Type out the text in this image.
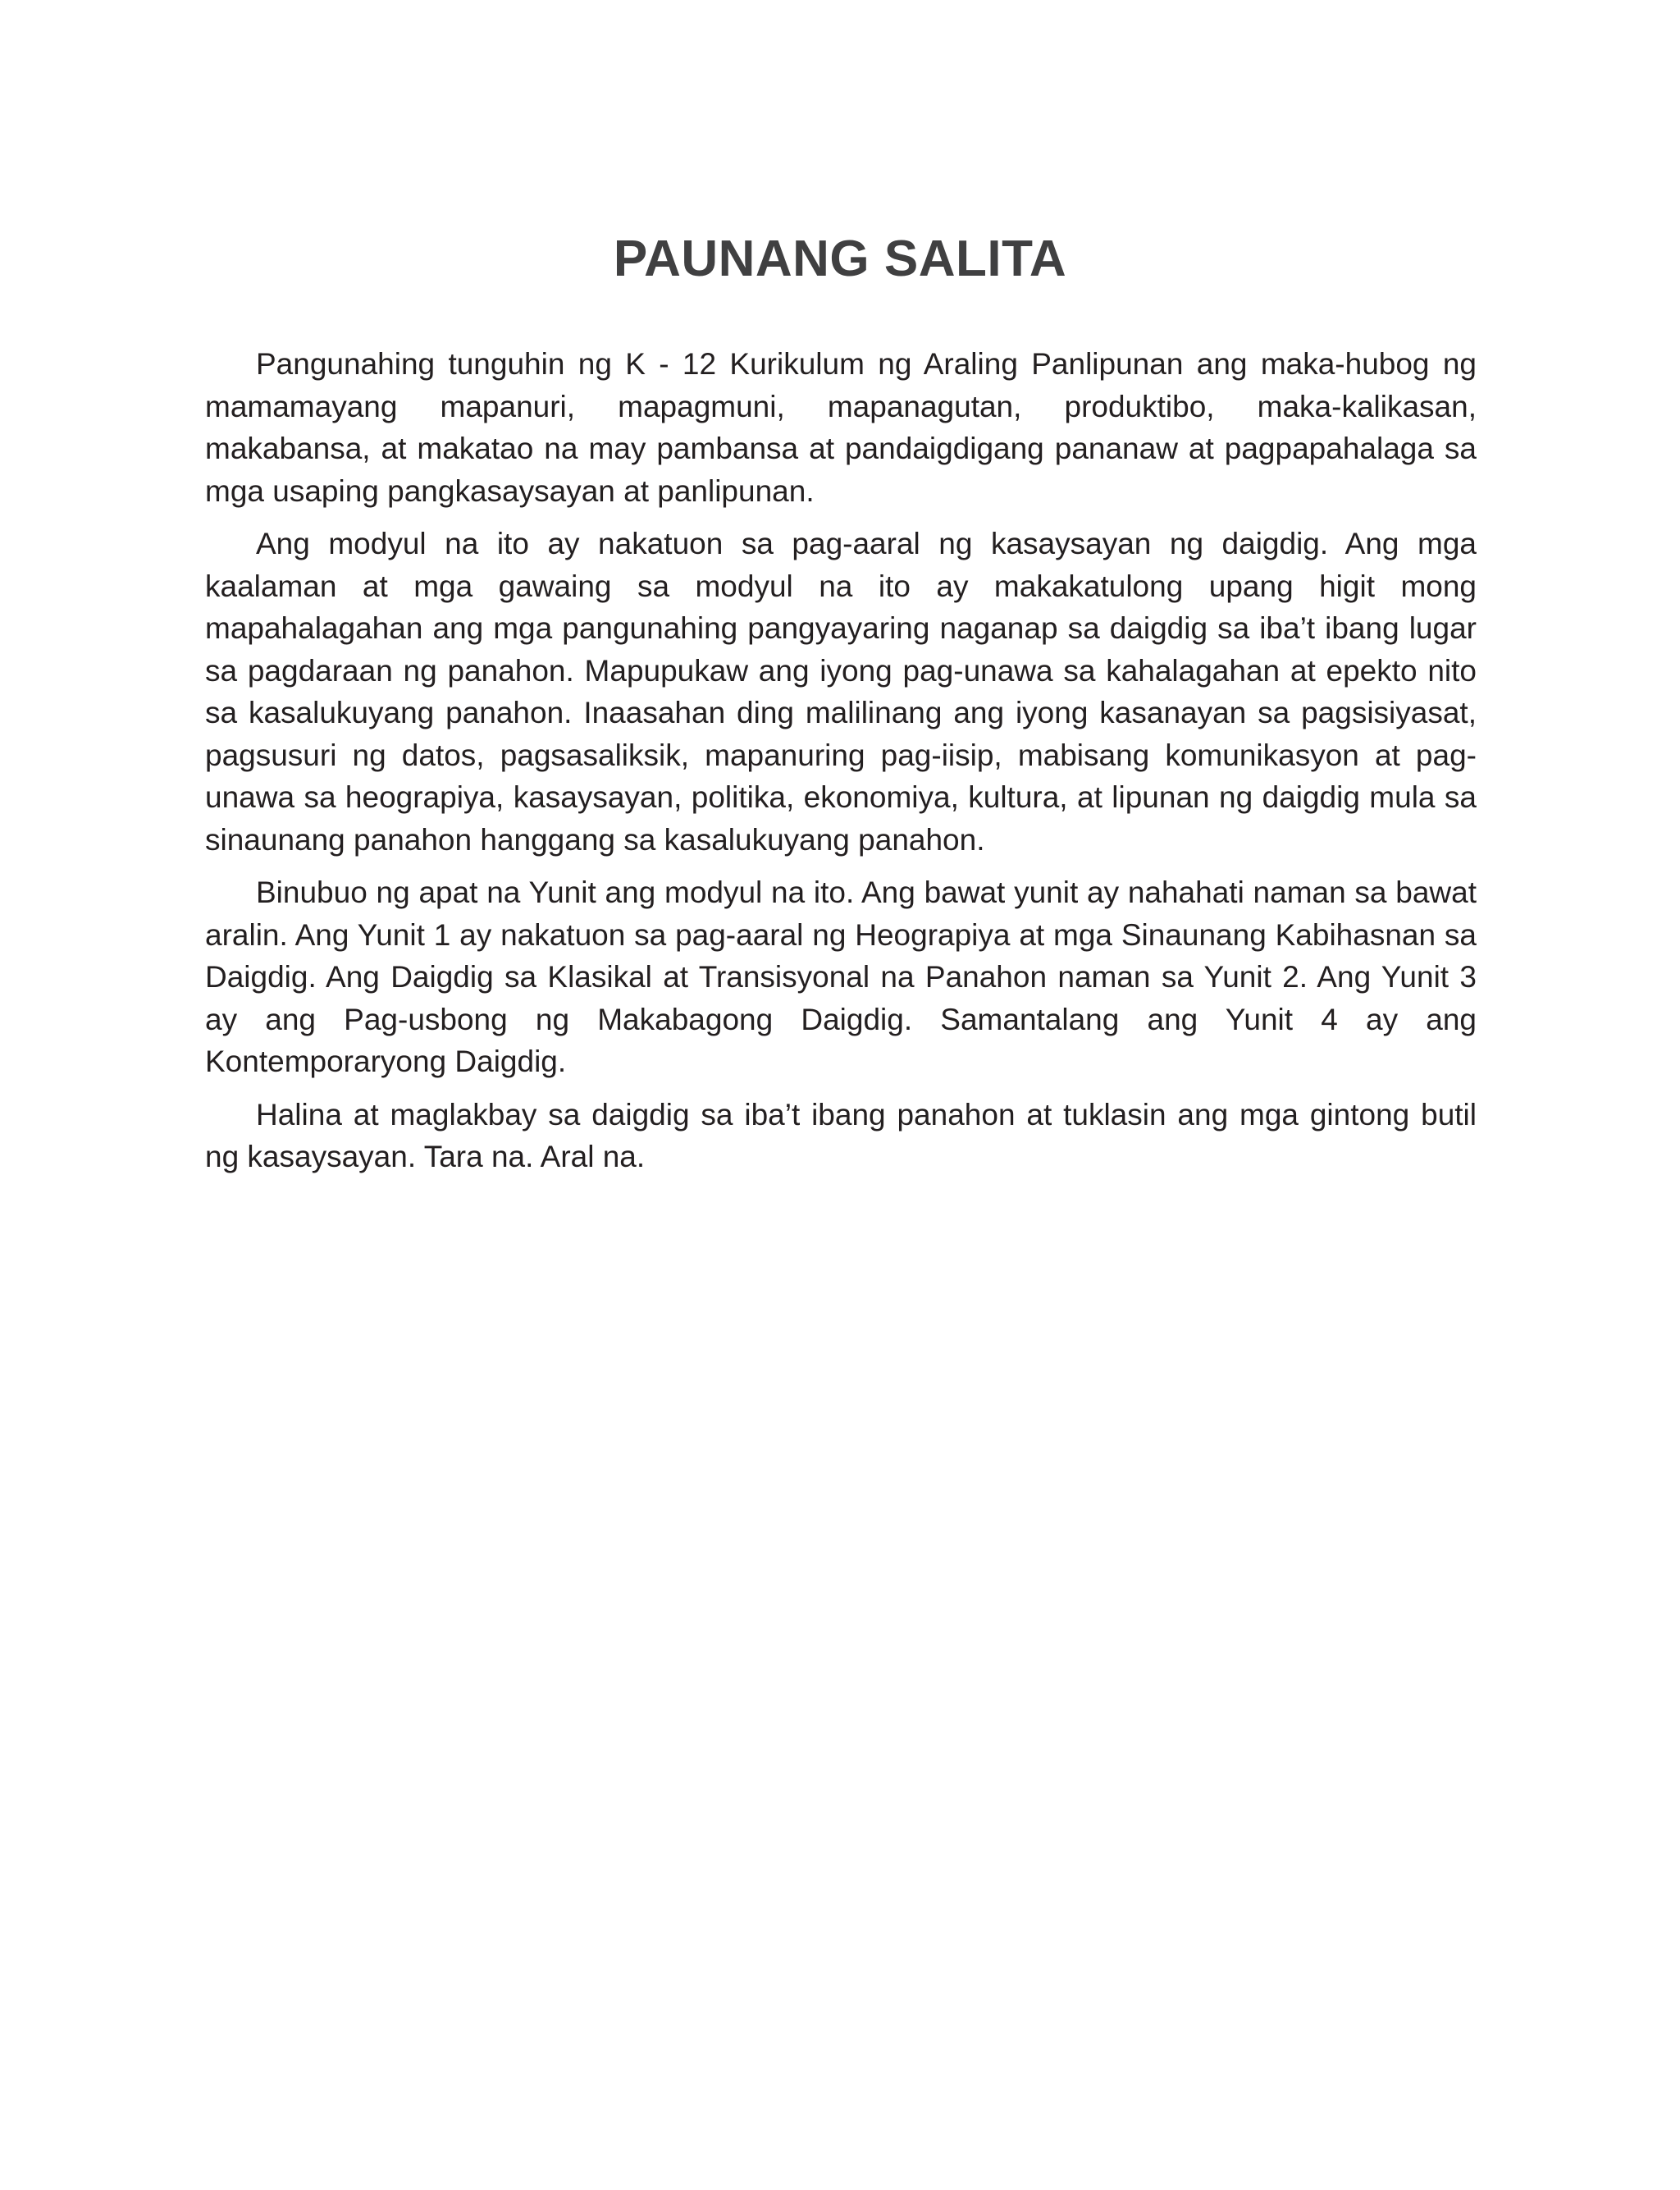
PAUNANG SALITA

Pangunahing tunguhin ng K - 12 Kurikulum ng Araling Panlipunan ang maka-hubog ng mamamayang mapanuri, mapagmuni, mapanagutan, produktibo, maka-kalikasan, makabansa, at makatao na may pambansa at pandaigdigang pananaw at pagpapahalaga sa mga usaping pangkasaysayan at panlipunan.

Ang modyul na ito ay nakatuon sa pag-aaral ng kasaysayan ng daigdig. Ang mga kaalaman at mga gawaing sa modyul na ito ay makakatulong upang higit mong mapahalagahan ang mga pangunahing pangyayaring naganap sa daigdig sa iba’t ibang lugar sa pagdaraan ng panahon. Mapupukaw ang iyong pag-unawa sa kahalagahan at epekto nito sa kasalukuyang panahon. Inaasahan ding malilinang ang iyong kasanayan sa pagsisiyasat, pagsusuri ng datos, pagsasaliksik, mapanuring pag-iisip, mabisang komunikasyon at pag-unawa sa heograpiya, kasaysayan, politika, ekonomiya, kultura, at lipunan ng daigdig mula sa sinaunang panahon hanggang sa kasalukuyang panahon.

Binubuo ng apat na Yunit ang modyul na ito. Ang bawat yunit ay nahahati naman sa bawat aralin. Ang Yunit 1 ay nakatuon sa pag-aaral ng Heograpiya at mga Sinaunang Kabihasnan sa Daigdig. Ang Daigdig sa Klasikal at Transisyonal na Panahon naman sa Yunit 2. Ang Yunit 3 ay ang Pag-usbong ng Makabagong Daigdig. Samantalang ang Yunit 4 ay ang Kontemporaryong Daigdig.

Halina at maglakbay sa daigdig sa iba’t ibang panahon at tuklasin ang mga gintong butil ng kasaysayan. Tara na. Aral na.
